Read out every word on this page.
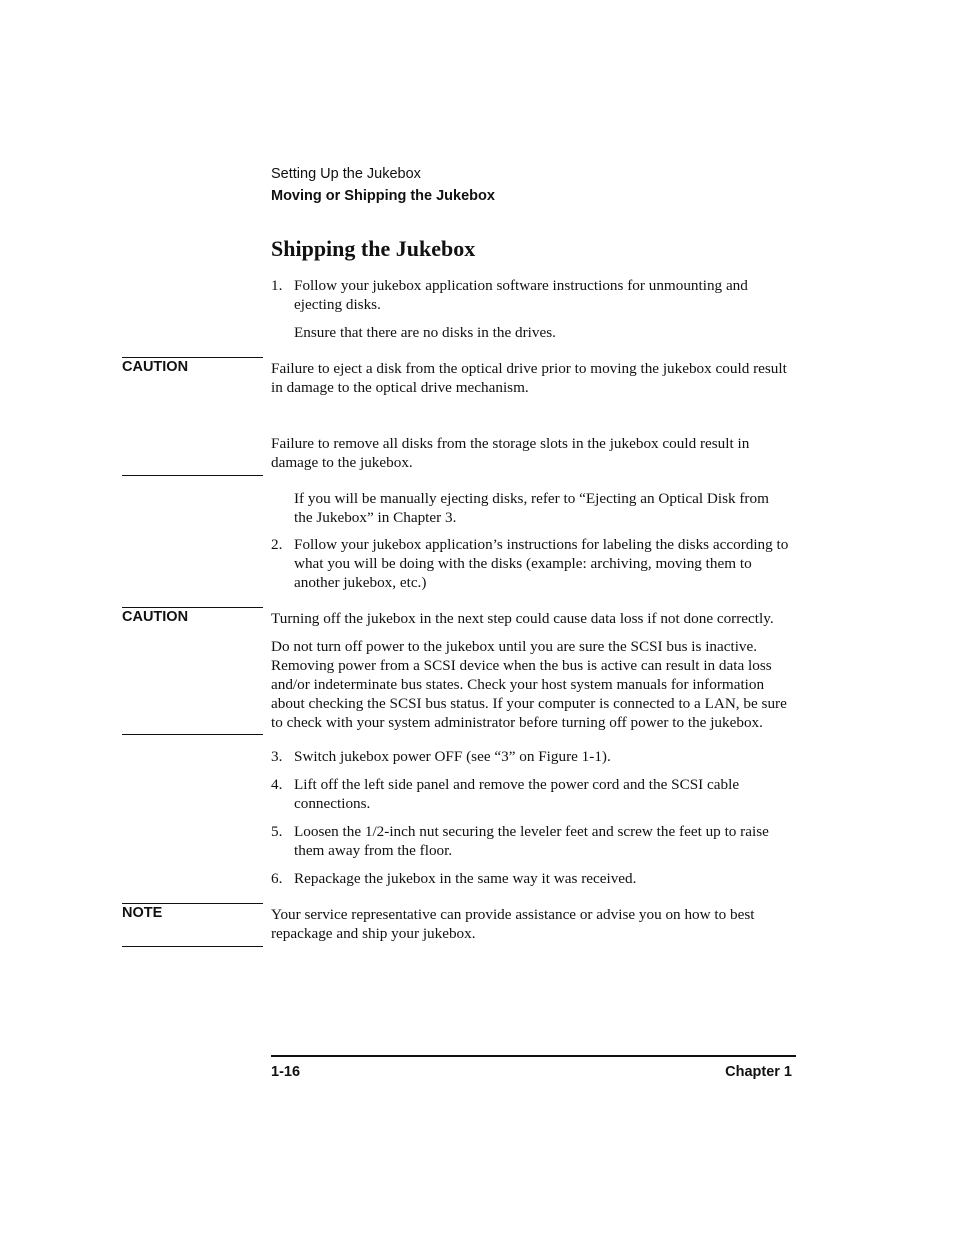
Setting Up the Jukebox
Moving or Shipping the Jukebox
Shipping the Jukebox
1. Follow your jukebox application software instructions for unmounting and ejecting disks.
Ensure that there are no disks in the drives.
CAUTION	Failure to eject a disk from the optical drive prior to moving the jukebox could result in damage to the optical drive mechanism.
Failure to remove all disks from the storage slots in the jukebox could result in damage to the jukebox.
If you will be manually ejecting disks, refer to “Ejecting an Optical Disk from the Jukebox” in Chapter 3.
2. Follow your jukebox application’s instructions for labeling the disks according to what you will be doing with the disks (example: archiving, moving them to another jukebox, etc.)
CAUTION	Turning off the jukebox in the next step could cause data loss if not done correctly.
Do not turn off power to the jukebox until you are sure the SCSI bus is inactive. Removing power from a SCSI device when the bus is active can result in data loss and/or indeterminate bus states. Check your host system manuals for information about checking the SCSI bus status. If your computer is connected to a LAN, be sure to check with your system administrator before turning off power to the jukebox.
3. Switch jukebox power OFF (see “3” on Figure 1-1).
4. Lift off the left side panel and remove the power cord and the SCSI cable connections.
5. Loosen the 1/2-inch nut securing the leveler feet and screw the feet up to raise them away from the floor.
6. Repackage the jukebox in the same way it was received.
NOTE	Your service representative can provide assistance or advise you on how to best repackage and ship your jukebox.
1-16	Chapter 1
